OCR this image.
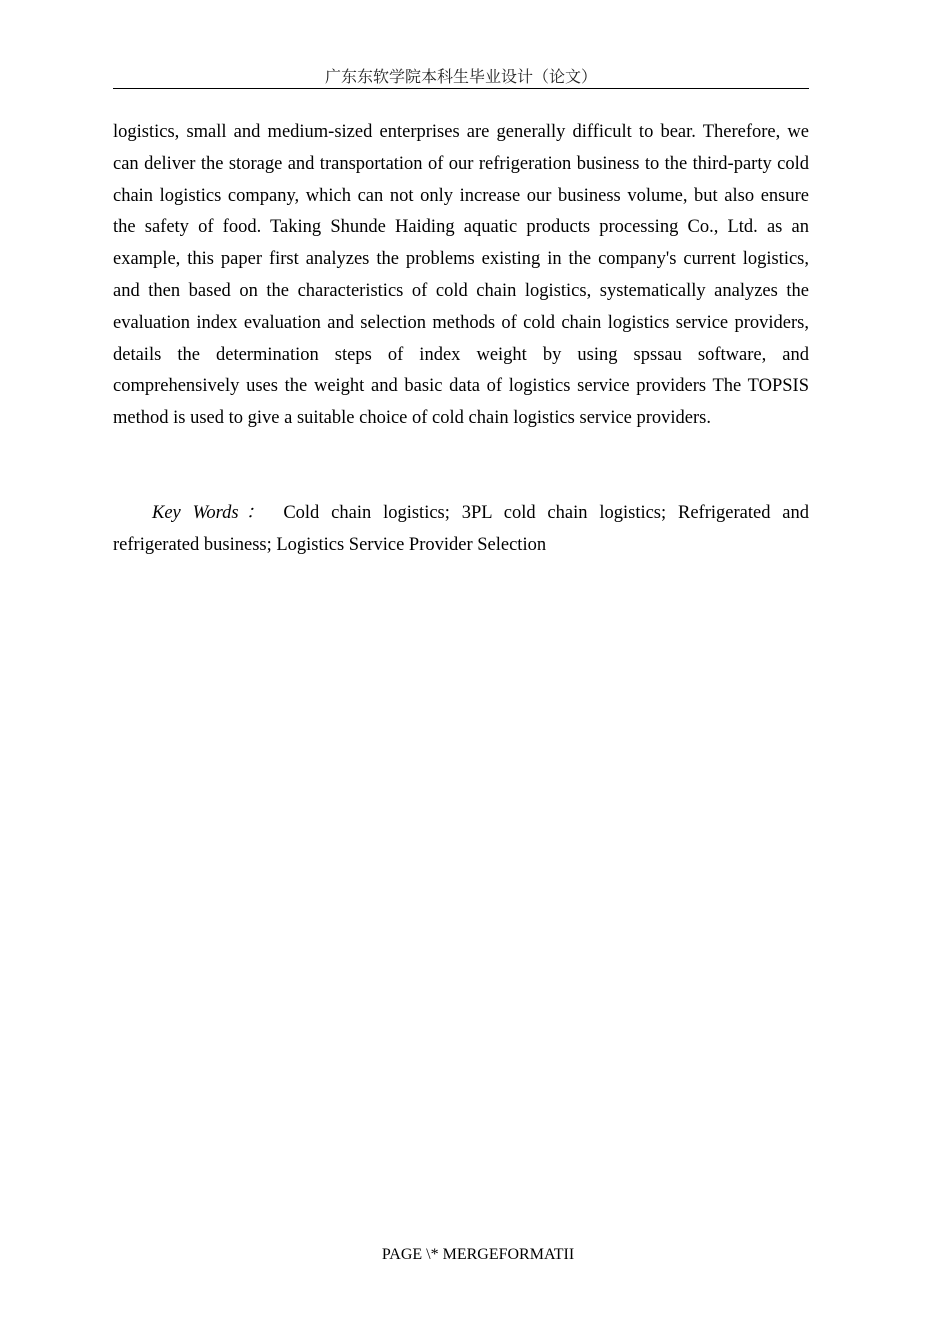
广东东软学院本科生毕业设计（论文）

logistics, small and medium-sized enterprises are generally difficult to bear. Therefore, we can deliver the storage and transportation of our refrigeration business to the third-party cold chain logistics company, which can not only increase our business volume, but also ensure the safety of food. Taking Shunde Haiding aquatic products processing Co., Ltd. as an example, this paper first analyzes the problems existing in the company's current logistics, and then based on the characteristics of cold chain logistics, systematically analyzes the evaluation index evaluation and selection methods of cold chain logistics service providers, details the determination steps of index weight by using spssau software, and comprehensively uses the weight and basic data of logistics service providers The TOPSIS method is used to give a suitable choice of cold chain logistics service providers.

Key Words： Cold chain logistics; 3PL cold chain logistics; Refrigerated and refrigerated business; Logistics Service Provider Selection

PAGE \* MERGEFORMATII
